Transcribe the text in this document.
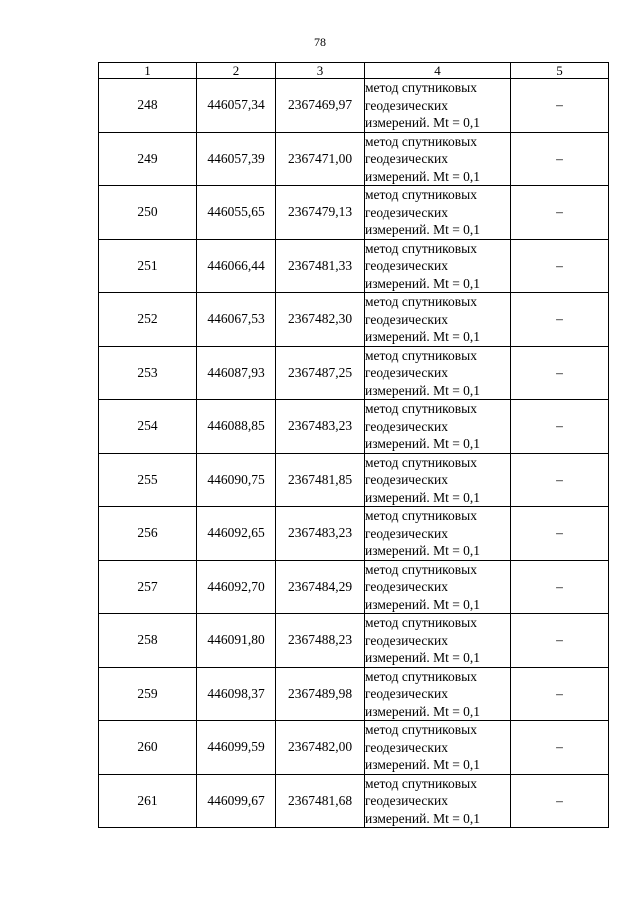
78
1	2	3	4	5
248	446057,34	2367469,97	метод спутниковых
геодезических
измерений. Mt = 0,1	–
249	446057,39	2367471,00	метод спутниковых
геодезических
измерений. Mt = 0,1	–
250	446055,65	2367479,13	метод спутниковых
геодезических
измерений. Mt = 0,1	–
251	446066,44	2367481,33	метод спутниковых
геодезических
измерений. Mt = 0,1	–
252	446067,53	2367482,30	метод спутниковых
геодезических
измерений. Mt = 0,1	–
253	446087,93	2367487,25	метод спутниковых
геодезических
измерений. Mt = 0,1	–
254	446088,85	2367483,23	метод спутниковых
геодезических
измерений. Mt = 0,1	–
255	446090,75	2367481,85	метод спутниковых
геодезических
измерений. Mt = 0,1	–
256	446092,65	2367483,23	метод спутниковых
геодезических
измерений. Mt = 0,1	–
257	446092,70	2367484,29	метод спутниковых
геодезических
измерений. Mt = 0,1	–
258	446091,80	2367488,23	метод спутниковых
геодезических
измерений. Mt = 0,1	–
259	446098,37	2367489,98	метод спутниковых
геодезических
измерений. Mt = 0,1	–
260	446099,59	2367482,00	метод спутниковых
геодезических
измерений. Mt = 0,1	–
261	446099,67	2367481,68	метод спутниковых
геодезических
измерений. Mt = 0,1	–
